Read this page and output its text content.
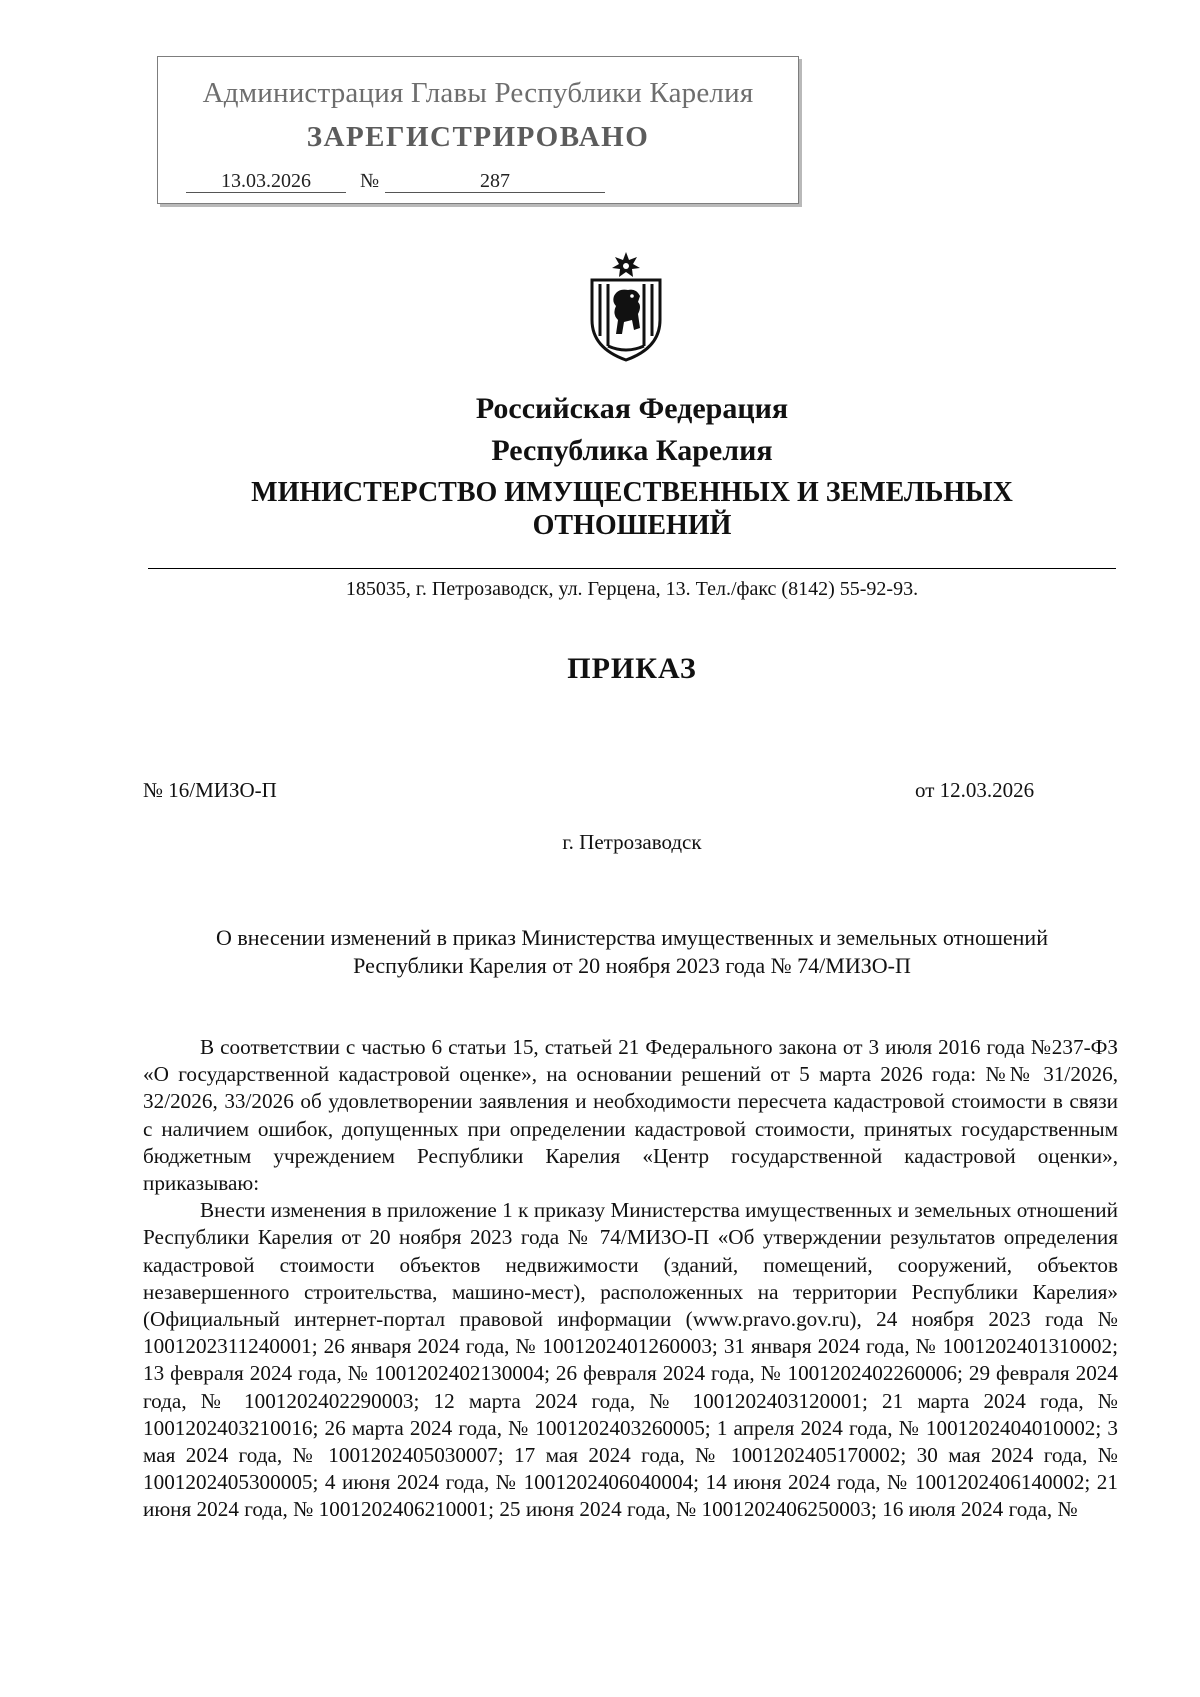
Администрация Главы Республики Карелия
ЗАРЕГИСТРИРОВАНО
13.03.2026	№	287
Российская Федерация
Республика Карелия
МИНИСТЕРСТВО ИМУЩЕСТВЕННЫХ И ЗЕМЕЛЬНЫХ ОТНОШЕНИЙ
185035, г. Петрозаводск, ул. Герцена, 13. Тел./факс (8142) 55-92-93.
ПРИКАЗ
№ 16/МИЗО-П	от 12.03.2026
г. Петрозаводск
О внесении изменений в приказ Министерства имущественных и земельных отношений Республики Карелия от 20 ноября 2023 года № 74/МИЗО-П

В соответствии с частью 6 статьи 15, статьей 21 Федерального закона от 3 июля 2016 года №237-ФЗ «О государственной кадастровой оценке», на основании решений от 5 марта 2026 года: №№ 31/2026, 32/2026, 33/2026 об удовлетворении заявления и необходимости пересчета кадастровой стоимости в связи с наличием ошибок, допущенных при определении кадастровой стоимости, принятых государственным бюджетным учреждением Республики Карелия «Центр государственной кадастровой оценки», приказываю:

Внести изменения в приложение 1 к приказу Министерства имущественных и земельных отношений Республики Карелия от 20 ноября 2023 года № 74/МИЗО-П «Об утверждении результатов определения кадастровой стоимости объектов недвижимости (зданий, помещений, сооружений, объектов незавершенного строительства, машино-мест), расположенных на территории Республики Карелия» (Официальный интернет-портал правовой информации (www.pravo.gov.ru), 24 ноября 2023 года № 1001202311240001; 26 января 2024 года, № 1001202401260003; 31 января 2024 года, № 1001202401310002; 13 февраля 2024 года, № 1001202402130004; 26 февраля 2024 года, № 1001202402260006; 29 февраля 2024 года, № 1001202402290003; 12 марта 2024 года, № 1001202403120001; 21 марта 2024 года, № 1001202403210016; 26 марта 2024 года, № 1001202403260005; 1 апреля 2024 года, № 1001202404010002; 3 мая 2024 года, № 1001202405030007; 17 мая 2024 года, № 1001202405170002; 30 мая 2024 года, № 1001202405300005; 4 июня 2024 года, № 1001202406040004; 14 июня 2024 года, № 1001202406140002; 21 июня 2024 года, № 1001202406210001; 25 июня 2024 года, № 1001202406250003; 16 июля 2024 года, №
